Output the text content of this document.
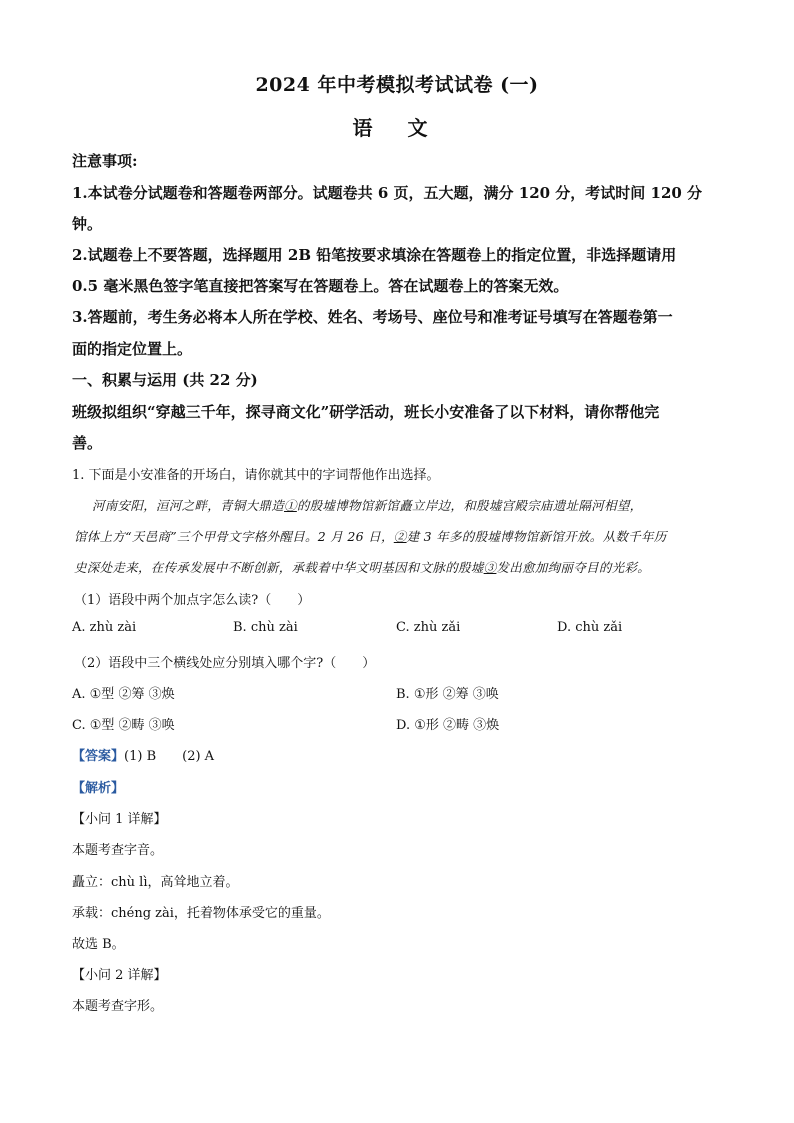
2024 年中考模拟考试试卷 (一)
语 文
注意事项:
1.本试卷分试题卷和答题卷两部分。试题卷共 6 页，五大题，满分 120 分，考试时间 120 分
钟。
2.试题卷上不要答题，选择题用 2B 铅笔按要求填涂在答题卷上的指定位置，非选择题请用
0.5 毫米黑色签字笔直接把答案写在答题卷上。答在试题卷上的答案无效。
3.答题前，考生务必将本人所在学校、姓名、考场号、座位号和准考证号填写在答题卷第一
面的指定位置上。
一、积累与运用 (共 22 分)
班级拟组织“穿越三千年，探寻商文化”研学活动，班长小安准备了以下材料，请你帮他完
善。
1. 下面是小安准备的开场白，请你就其中的字词帮他作出选择。
河南安阳，洹河之畔，青铜大鼎造①的殷墟博物馆新馆矗立岸边，和殷墟宫殿宗庙遗址隔河相望，
馆体上方“天邑商”三个甲骨文字格外醒目。2 月 26 日，②建 3 年多的殷墟博物馆新馆开放。从数千年历
史深处走来，在传承发展中不断创新，承载着中华文明基因和文脉的殷墟③发出愈加绚丽夺目的光彩。
（1）语段中两个加点字怎么读?（　　）
A. zhù zài	B. chù zài	C. zhù zǎi	D. chù zǎi
（2）语段中三个横线处应分别填入哪个字?（　　）
A. ①型 ②筹 ③焕	B. ①形 ②筹 ③唤
C. ①型 ②畴 ③唤	D. ①形 ②畴 ③焕
【答案】(1) B　　(2) A
【解析】
【小问 1 详解】
本题考查字音。
矗立：chù lì，高耸地立着。
承载：chéng zài，托着物体承受它的重量。
故选 B。
【小问 2 详解】
本题考查字形。
